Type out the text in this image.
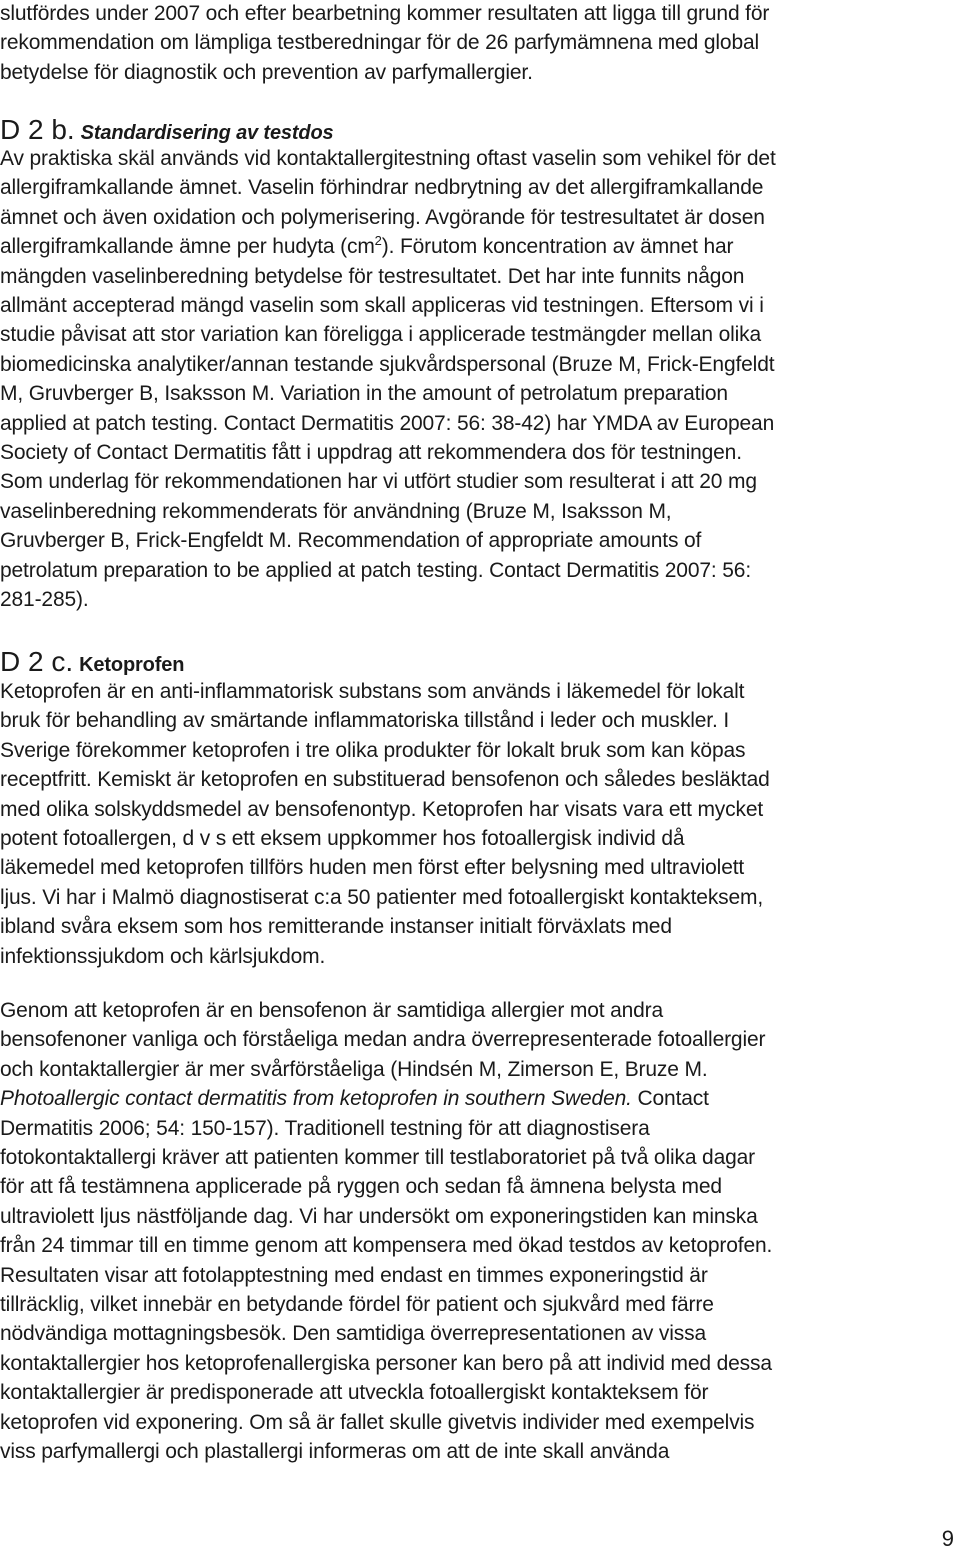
slutfördes under 2007 och efter bearbetning kommer resultaten att ligga till grund för
rekommendation om lämpliga testberedningar för de 26 parfymämnena med global
betydelse för diagnostik och prevention av parfymallergier.
D 2 b. Standardisering av testdos
Av praktiska skäl används vid kontaktallergitestning oftast vaselin som vehikel för det
allergiframkallande ämnet. Vaselin förhindrar nedbrytning av det allergiframkallande
ämnet och även oxidation och polymerisering. Avgörande för testresultatet är dosen
allergiframkallande ämne per hudyta $(cm^2)$. Förutom koncentration av ämnet har
mängden vaselinberedning betydelse för testresultatet. Det har inte funnits någon
allmänt accepterad mängd vaselin som skall appliceras vid testningen. Eftersom vi i
studie påvisat att stor variation kan föreligga i applicerade testmängder mellan olika
biomedicinska analytiker/annan testande sjukvårdspersonal (Bruze M, Frick-Engfeldt
M, Gruvberger B, Isaksson M. Variation in the amount of petrolatum preparation
applied at patch testing. Contact Dermatitis 2007: 56: 38-42) har YMDA av European
Society of Contact Dermatitis fått i uppdrag att rekommendera dos för testningen.
Som underlag för rekommendationen har vi utfört studier som resulterat i att 20 mg
vaselinberedning rekommenderats för användning (Bruze M, Isaksson M,
Gruvberger B, Frick-Engfeldt M. Recommendation of appropriate amounts of
petrolatum preparation to be applied at patch testing. Contact Dermatitis 2007: 56:
281-285).
D 2 c. Ketoprofen
Ketoprofen är en anti-inflammatorisk substans som används i läkemedel för lokalt
bruk för behandling av smärtande inflammatoriska tillstånd i leder och muskler. I
Sverige förekommer ketoprofen i tre olika produkter för lokalt bruk som kan köpas
receptfritt. Kemiskt är ketoprofen en substituerad bensofenon och således besläktad
med olika solskyddsmedel av bensofenontyp. Ketoprofen har visats vara ett mycket
potent fotoallergen, d v s ett eksem uppkommer hos fotoallergisk individ då
läkemedel med ketoprofen tillförs huden men först efter belysning med ultraviolett
ljus. Vi har i Malmö diagnostiserat c:a 50 patienter med fotoallergiskt kontakteksem,
ibland svåra eksem som hos remitterande instanser initialt förväxlats med
infektionssjukdom och kärlsjukdom.
Genom att ketoprofen är en bensofenon är samtidiga allergier mot andra
bensofenoner vanliga och förståeliga medan andra överrepresenterade fotoallergier
och kontaktallergier är mer svårförståeliga (Hindsén M, Zimerson E, Bruze M.
Photoallergic contact dermatitis from ketoprofen in southern Sweden. Contact
Dermatitis 2006; 54: 150-157). Traditionell testning för att diagnostisera
fotokontaktallergi kräver att patienten kommer till testlaboratoriet på två olika dagar
för att få testämnena applicerade på ryggen och sedan få ämnena belysta med
ultraviolett ljus nästföljande dag. Vi har undersökt om exponeringstiden kan minska
från 24 timmar till en timme genom att kompensera med ökad testdos av ketoprofen.
Resultaten visar att fotolapptestning med endast en timmes exponeringstid är
tillräcklig, vilket innebär en betydande fördel för patient och sjukvård med färre
nödvändiga mottagningsbesök. Den samtidiga överrepresentationen av vissa
kontaktallergier hos ketoprofenallergiska personer kan bero på att individ med dessa
kontaktallergier är predisponerade att utveckla fotoallergiskt kontakteksem för
ketoprofen vid exponering. Om så är fallet skulle givetvis individer med exempelvis
viss parfymallergi och plastallergi informeras om att de inte skall använda
9
